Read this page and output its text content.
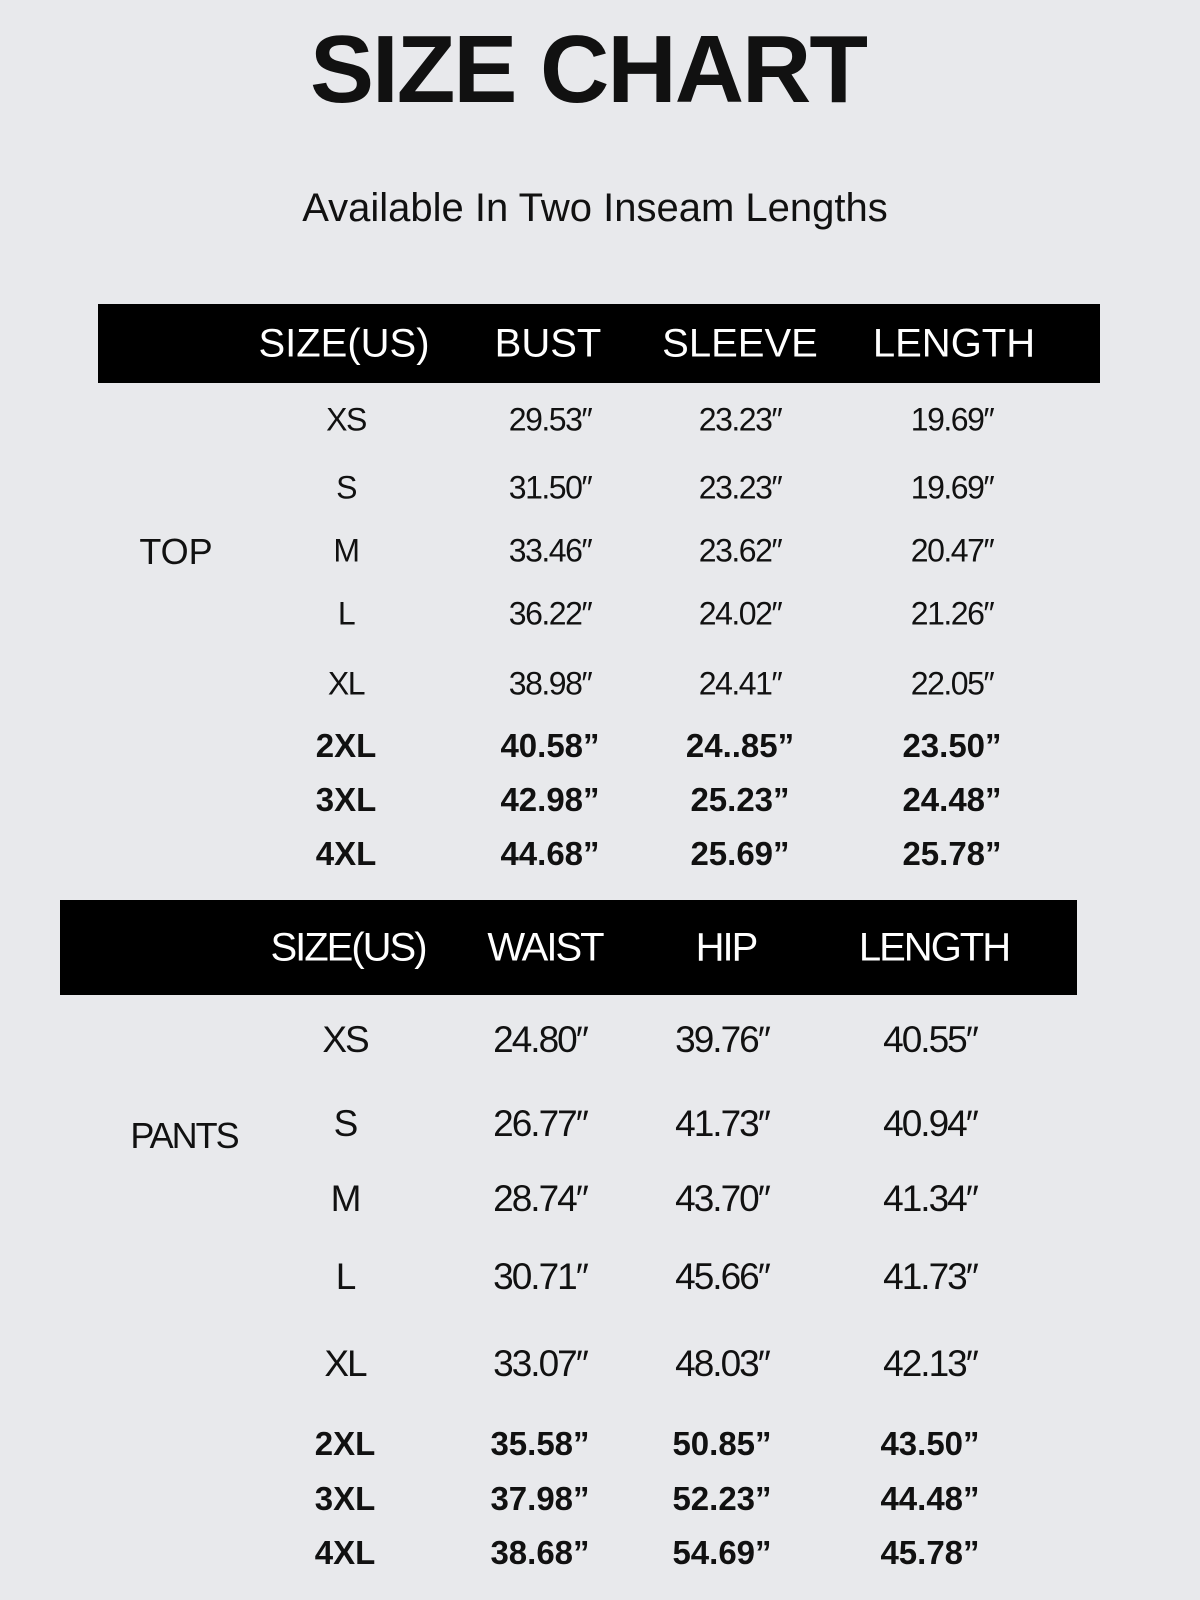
SIZE CHART
Available In Two Inseam Lengths
SIZE(US) BUST SLEEVE LENGTH
TOP
XS	29.53″	23.23″	19.69″
S	31.50″	23.23″	19.69″
M	33.46″	23.62″	20.47″
L	36.22″	24.02″	21.26″
XL	38.98″	24.41″	22.05″
2XL	40.58”	24..85”	23.50”
3XL	42.98”	25.23”	24.48”
4XL	44.68”	25.69”	25.78”
SIZE(US) WAIST HIP	LENGTH
PANTS
XS	24.80″ 39.76″	40.55″
S	26.77″ 41.73″	40.94″
M	28.74″ 43.70″	41.34″
L	30.71″ 45.66″	41.73″
XL	33.07″ 48.03″	42.13″
2XL	35.58”	50.85”	43.50”
3XL	37.98”	52.23”	44.48”
4XL	38.68”	54.69”	45.78”
